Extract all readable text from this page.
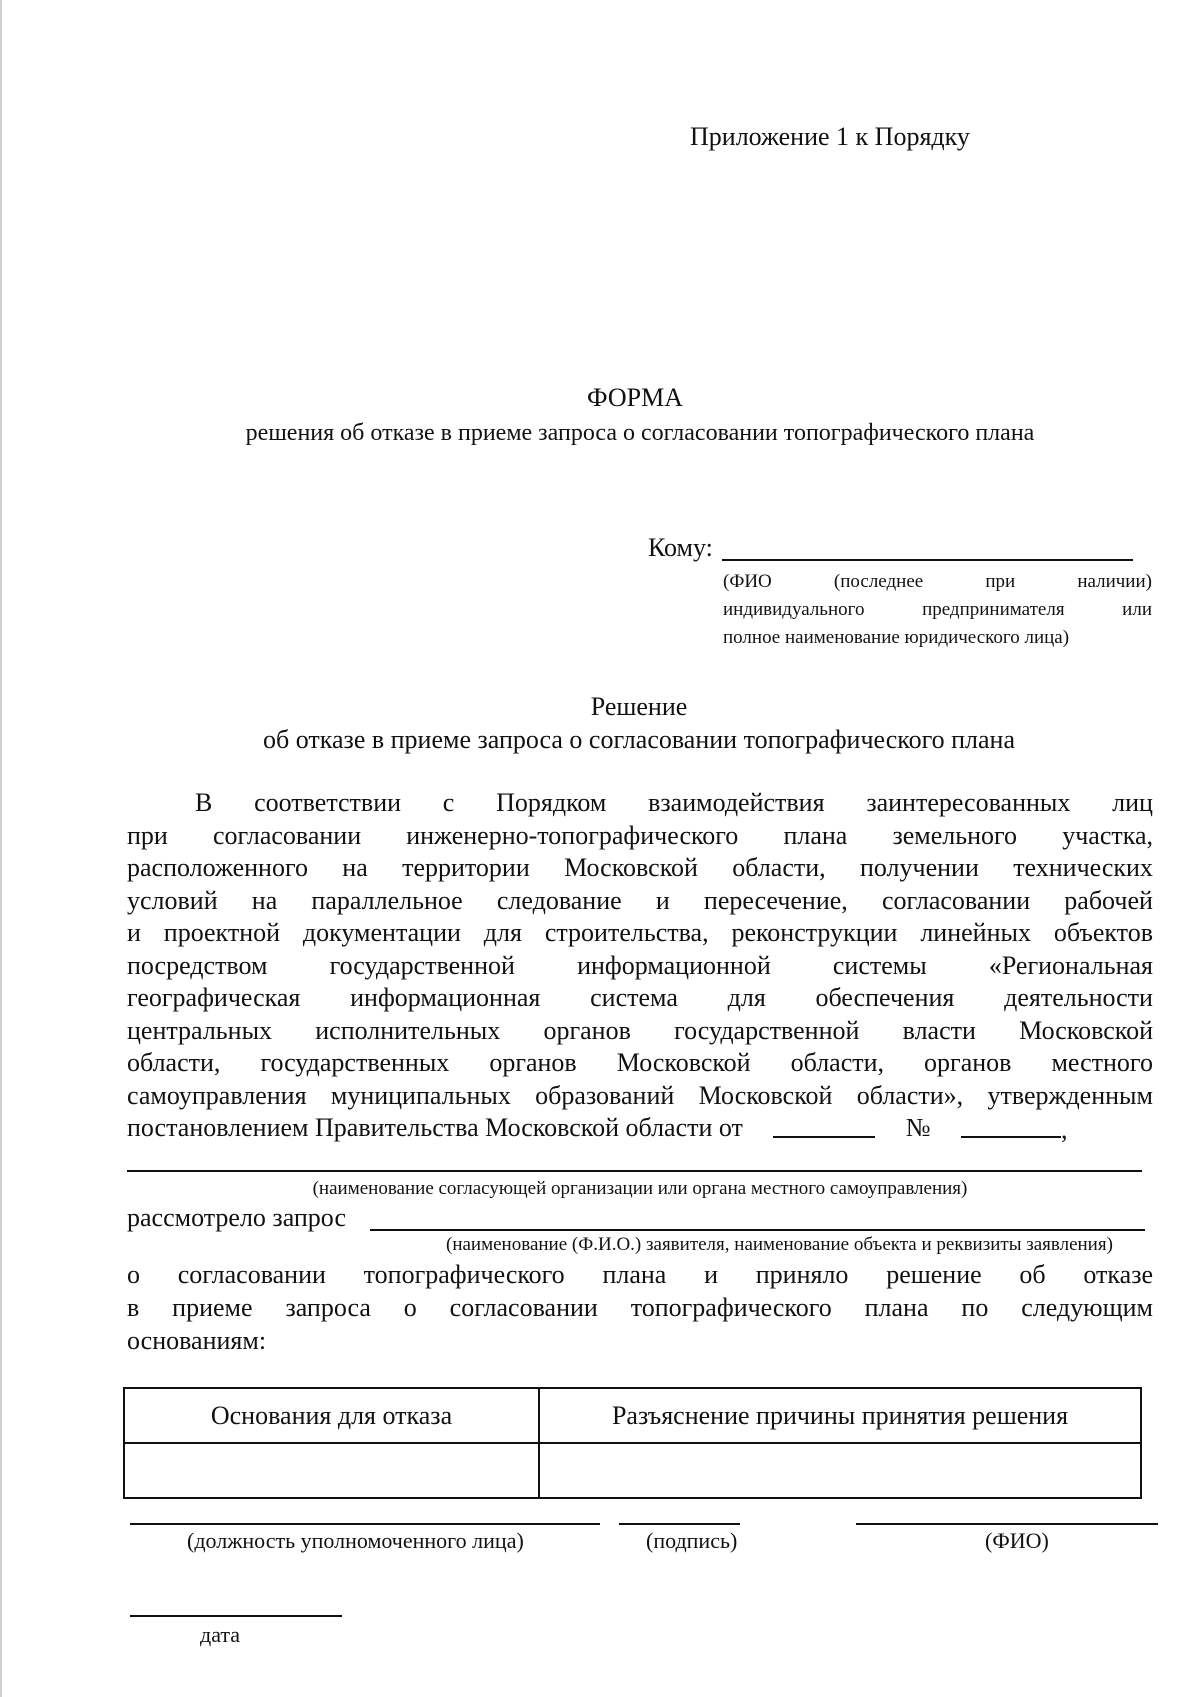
Приложение 1 к Порядку
ФОРМА
решения об отказе в приеме запроса о согласовании топографического плана
Кому:
(ФИО	(последнее	при	наличии)
индивидуального	предпринимателя	или
полное наименование юридического лица)
Решение
об отказе в приеме запроса о согласовании топографического плана
В соответствии с Порядком взаимодействия заинтересованных лиц
при согласовании инженерно-топографического плана земельного участка,
расположенного на территории Московской области, получении технических
условий на параллельное следование и пересечение, согласовании рабочей
и проектной документации для строительства, реконструкции линейных объектов
посредством государственной информационной системы «Региональная
географическая информационная система для обеспечения деятельности
центральных исполнительных органов государственной власти Московской
области, государственных органов Московской области, органов местного
самоуправления муниципальных образований Московской области», утвержденным
постановлением Правительства Московской области от	№	,
(наименование согласующей организации или органа местного самоуправления)
рассмотрело запрос
(наименование (Ф.И.О.) заявителя, наименование объекта и реквизиты заявления)
о согласовании топографического плана и приняло решение об отказе
в приеме запроса о согласовании топографического плана по следующим
основаниям:
Основания для отказа	Разъяснение причины принятия решения

(должность уполномоченного лица)	(подпись)	(ФИО)
дата
